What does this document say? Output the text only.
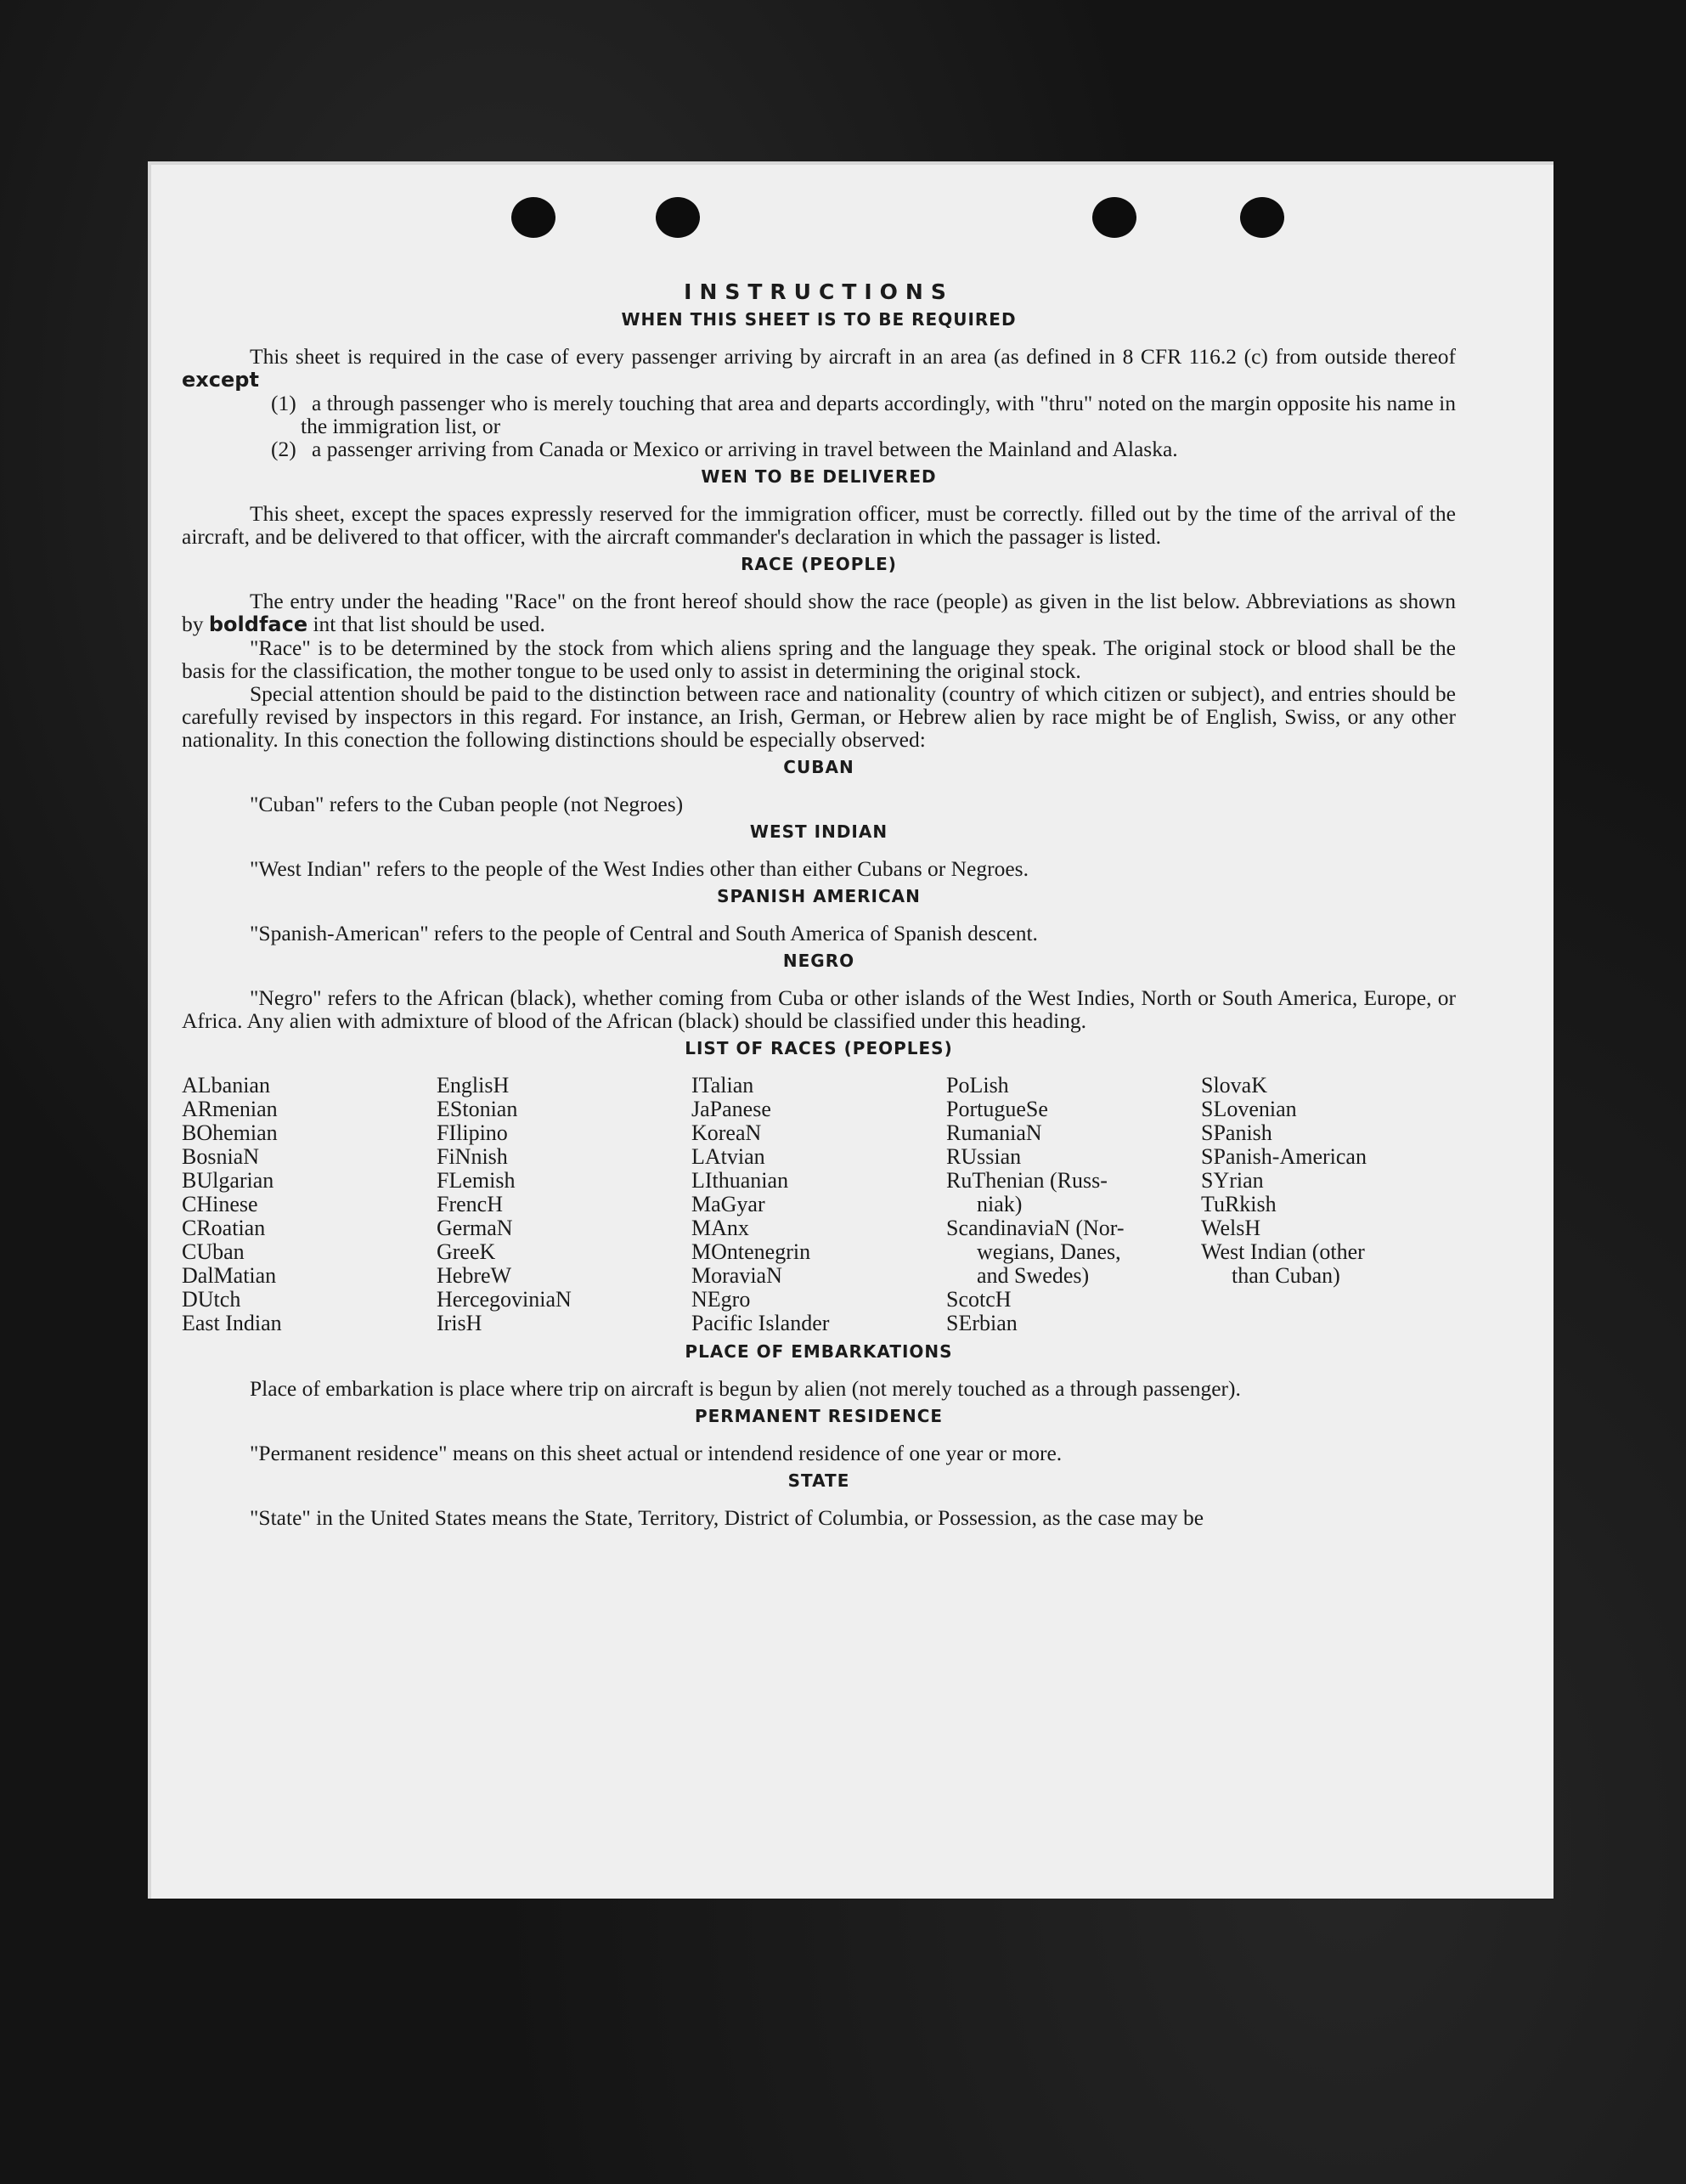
INSTRUCTIONS
WHEN THIS SHEET IS TO BE REQUIRED

This sheet is required in the case of every passenger arriving by aircraft in an area (as defined in 8 CFR 116.2 (c) from outside thereof except

(1) a through passenger who is merely touching that area and departs accordingly, with "thru" noted on the margin opposite his name in the immigration list, or

(2) a passenger arriving from Canada or Mexico or arriving in travel between the Mainland and Alaska.

WEN TO BE DELIVERED

This sheet, except the spaces expressly reserved for the immigration officer, must be correctly. filled out by the time of the arrival of the aircraft, and be delivered to that officer, with the aircraft commander's declaration in which the passager is listed.

RACE (PEOPLE)

The entry under the heading "Race" on the front hereof should show the race (people) as given in the list below. Abbreviations as shown by boldface int that list should be used.

"Race" is to be determined by the stock from which aliens spring and the language they speak. The original stock or blood shall be the basis for the classification, the mother tongue to be used only to assist in determining the original stock.

Special attention should be paid to the distinction between race and nationality (country of which citizen or subject), and entries should be carefully revised by inspectors in this regard. For instance, an Irish, German, or Hebrew alien by race might be of English, Swiss, or any other nationality. In this conection the following distinctions should be especially observed:

CUBAN

"Cuban" refers to the Cuban people (not Negroes)

WEST INDIAN

"West Indian" refers to the people of the West Indies other than either Cubans or Negroes.

SPANISH AMERICAN

"Spanish-American" refers to the people of Central and South America of Spanish descent.

NEGRO

"Negro" refers to the African (black), whether coming from Cuba or other islands of the West Indies, North or South America, Europe, or Africa. Any alien with admixture of blood of the African (black) should be classified under this heading.

LIST OF RACES (PEOPLES)
ALbanian
ARmenian
BOhemian
BosniaN
BUlgarian
CHinese
CRoatian
CUban
DalMatian
DUtch
East Indian
EnglisH
EStonian
FIlipino
FiNnish
FLemish
FrencH
GermaN
GreeK
HebreW
HercegoviniaN
IrisH
ITalian
JaPanese
KoreaN
LAtvian
LIthuanian
MaGyar
MAnx
MOntenegrin
MoraviaN
NEgro
Pacific Islander
PoLish
PortugueSe
RumaniaN
RUssian
RuThenian (Russ-
niak)
ScandinaviaN (Nor-
wegians, Danes,
and Swedes)
ScotcH
SErbian
SlovaK
SLovenian
SPanish
SPanish-American
SYrian
TuRkish
WelsH
West Indian (other
than Cuban)
PLACE OF EMBARKATIONS

Place of embarkation is place where trip on aircraft is begun by alien (not merely touched as a through passenger).

PERMANENT RESIDENCE

"Permanent residence" means on this sheet actual or intendend residence of one year or more.

STATE

"State" in the United States means the State, Territory, District of Columbia, or Possession, as the case may be
